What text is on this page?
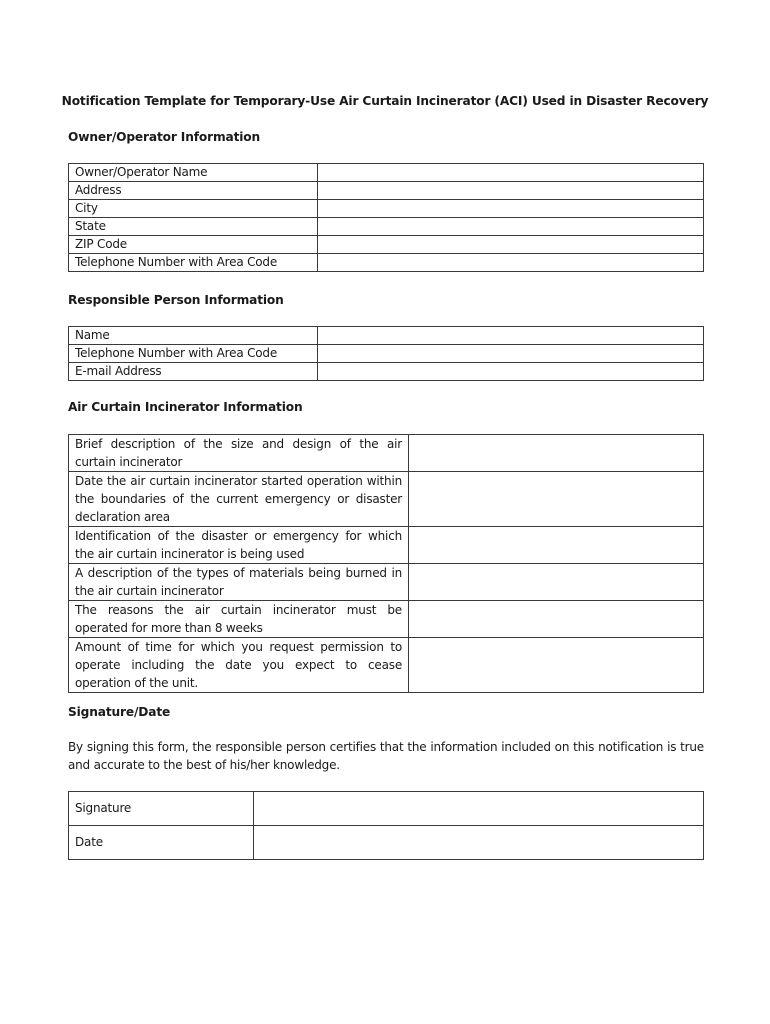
Notification Template for Temporary-Use Air Curtain Incinerator (ACI) Used in Disaster Recovery
Owner/Operator Information
Owner/Operator Name	
Address	
City	
State	
ZIP Code	
Telephone Number with Area Code	
Responsible Person Information
Name	
Telephone Number with Area Code	
E-mail Address	
Air Curtain Incinerator Information
Brief description of the size and design of the air curtain incinerator	
Date the air curtain incinerator started operation within the boundaries of the current emergency or disaster declaration area	
Identification of the disaster or emergency for which the air curtain incinerator is being used	
A description of the types of materials being burned in the air curtain incinerator	
The reasons the air curtain incinerator must be operated for more than 8 weeks	
Amount of time for which you request permission to operate including the date you expect to cease operation of the unit.	
Signature/Date
By signing this form, the responsible person certifies that the information included on this notification is true and accurate to the best of his/her knowledge.
Signature	
Date	
